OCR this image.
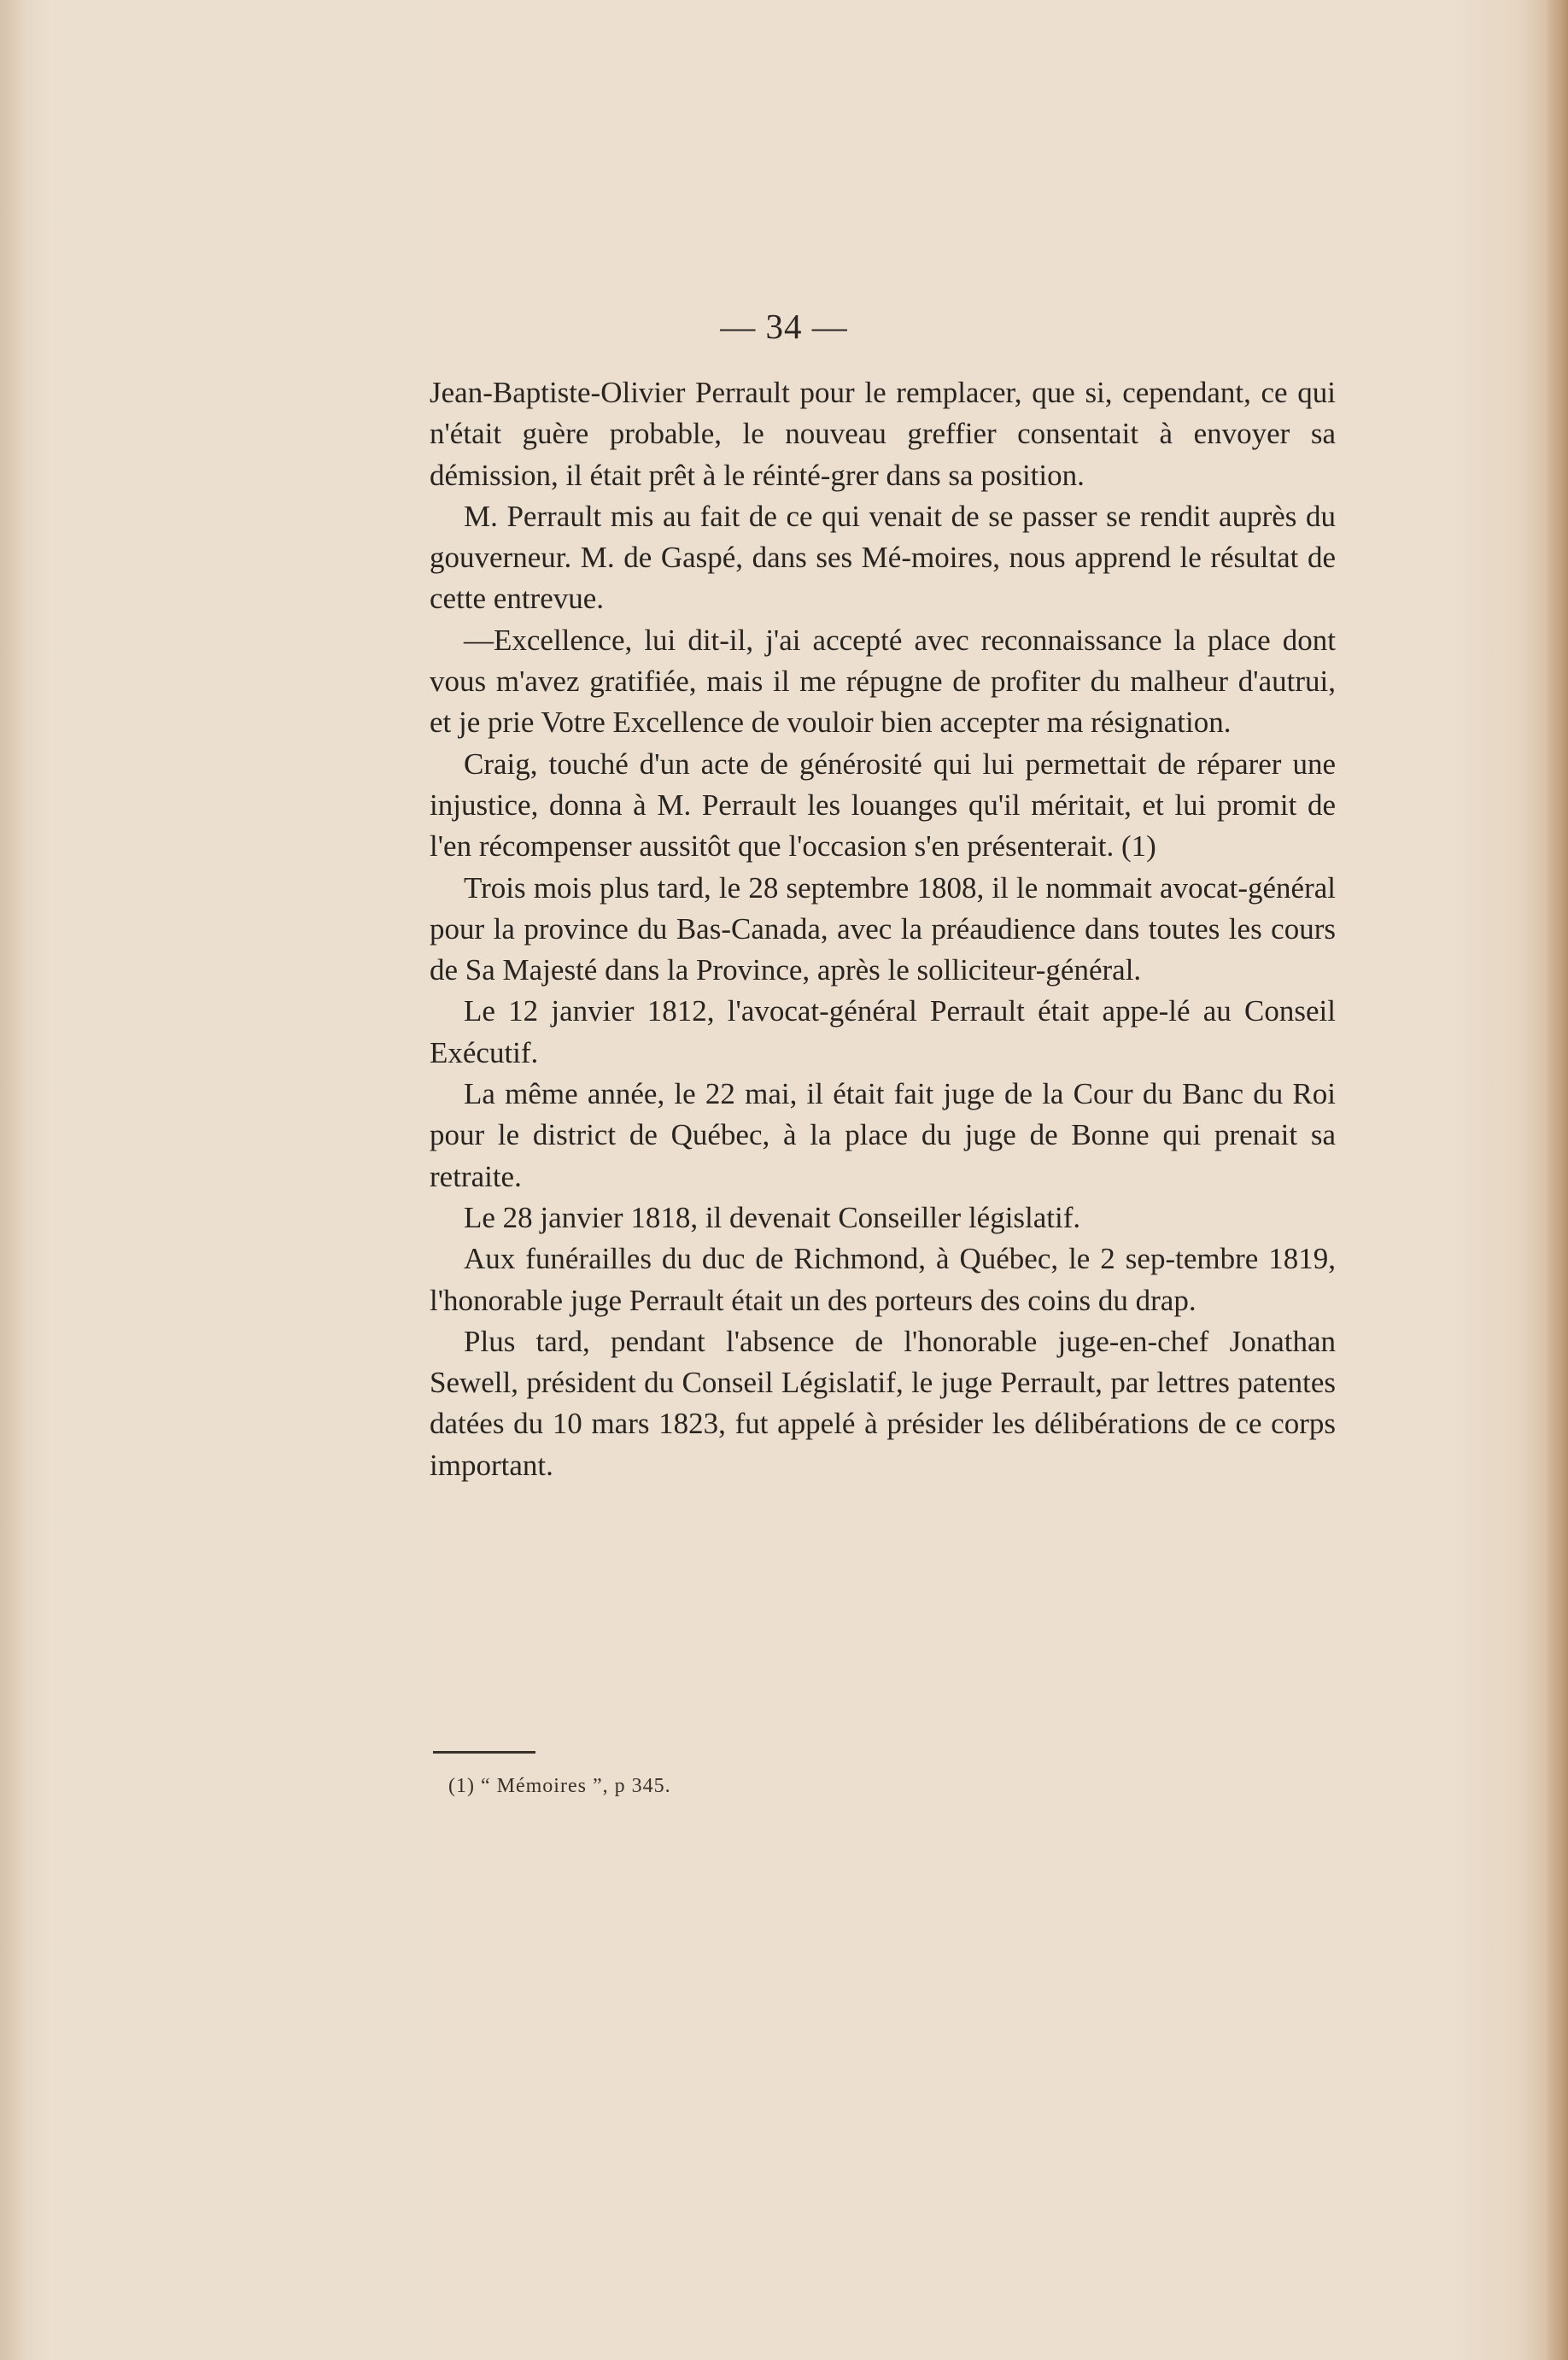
— 34 —

Jean-Baptiste-Olivier Perrault pour le remplacer, que si, cependant, ce qui n'était guère probable, le nouveau greffier consentait à envoyer sa démission, il était prêt à le réinté-grer dans sa position.

M. Perrault mis au fait de ce qui venait de se passer se rendit auprès du gouverneur. M. de Gaspé, dans ses Mé-moires, nous apprend le résultat de cette entrevue.

—Excellence, lui dit-il, j'ai accepté avec reconnaissance la place dont vous m'avez gratifiée, mais il me répugne de profiter du malheur d'autrui, et je prie Votre Excellence de vouloir bien accepter ma résignation.

Craig, touché d'un acte de générosité qui lui permettait de réparer une injustice, donna à M. Perrault les louanges qu'il méritait, et lui promit de l'en récompenser aussitôt que l'occasion s'en présenterait. (1)

Trois mois plus tard, le 28 septembre 1808, il le nommait avocat-général pour la province du Bas-Canada, avec la préaudience dans toutes les cours de Sa Majesté dans la Province, après le solliciteur-général.

Le 12 janvier 1812, l'avocat-général Perrault était appe-lé au Conseil Exécutif.

La même année, le 22 mai, il était fait juge de la Cour du Banc du Roi pour le district de Québec, à la place du juge de Bonne qui prenait sa retraite.

Le 28 janvier 1818, il devenait Conseiller législatif.

Aux funérailles du duc de Richmond, à Québec, le 2 sep-tembre 1819, l'honorable juge Perrault était un des porteurs des coins du drap.

Plus tard, pendant l'absence de l'honorable juge-en-chef Jonathan Sewell, président du Conseil Législatif, le juge Perrault, par lettres patentes datées du 10 mars 1823, fut appelé à présider les délibérations de ce corps important.

(1) “ Mémoires ”, p 345.
